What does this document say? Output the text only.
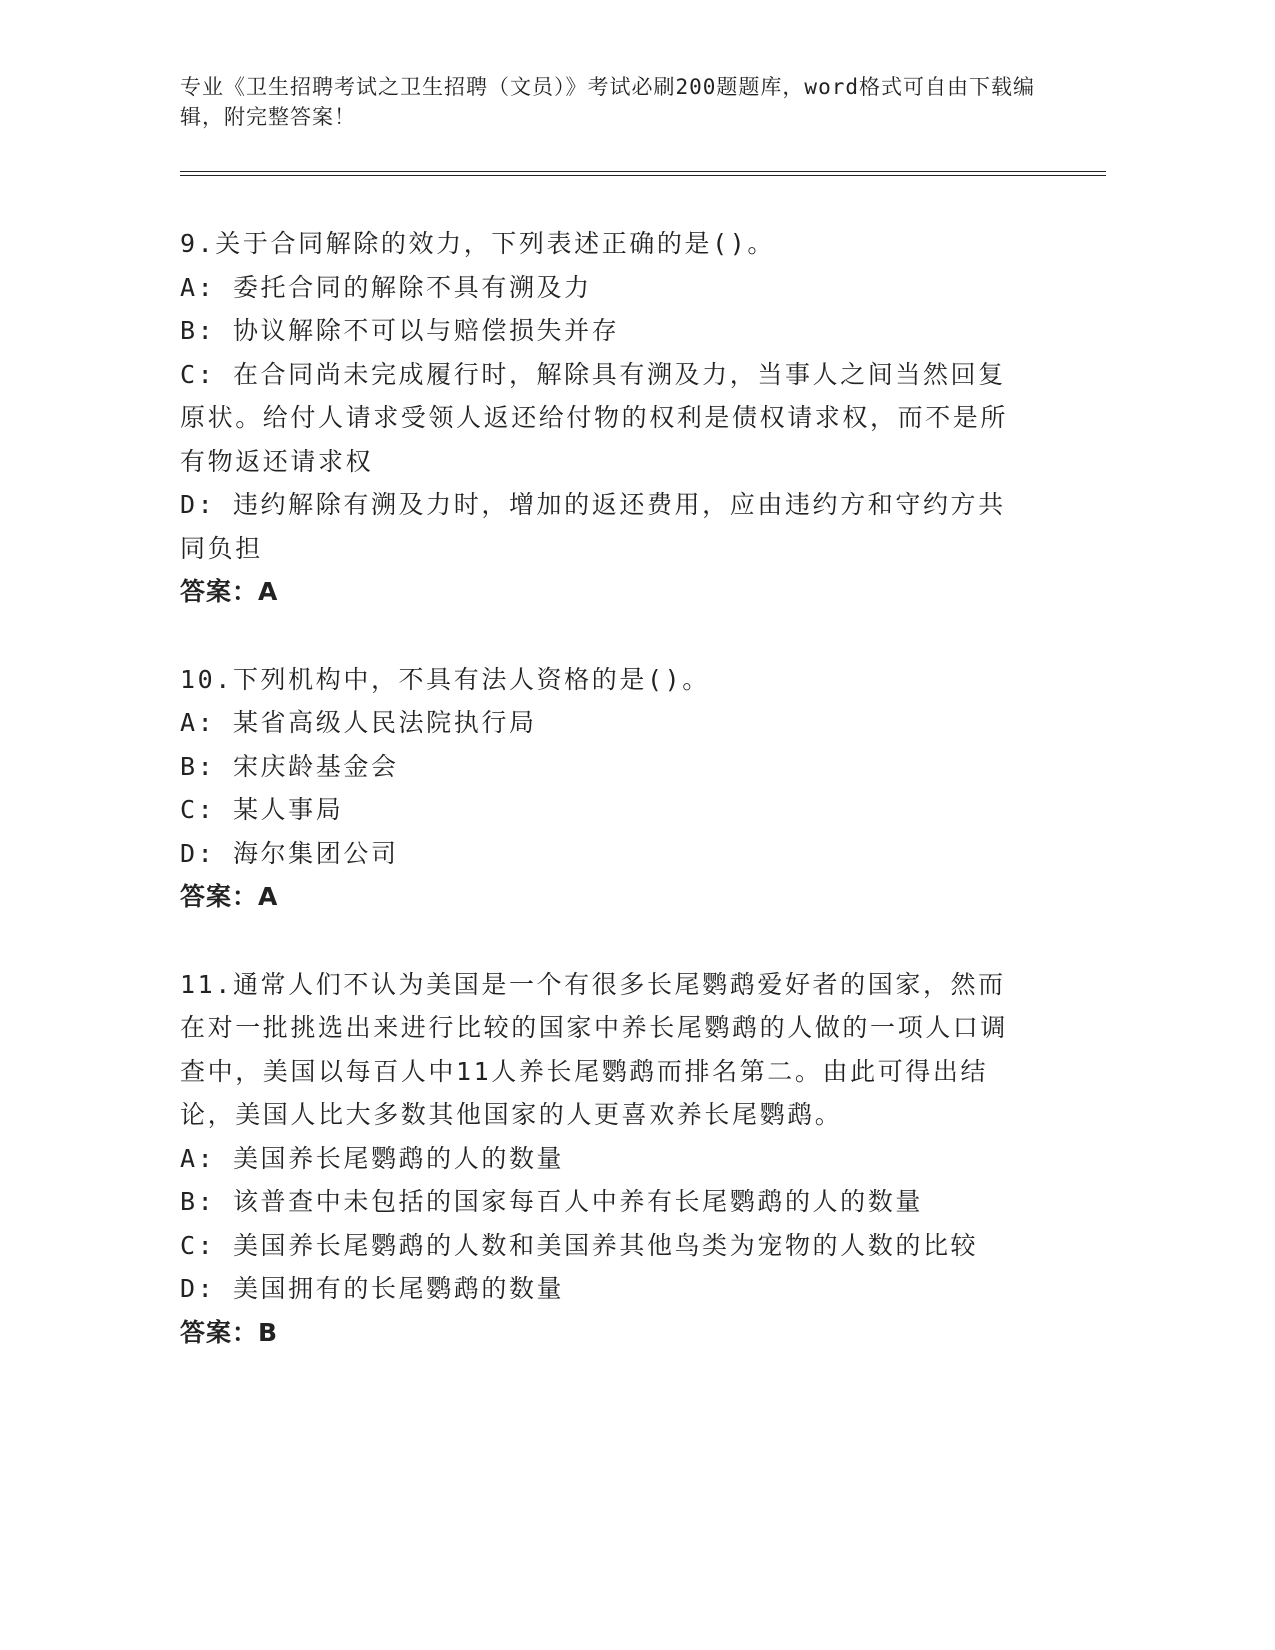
专业《卫生招聘考试之卫生招聘（文员）》考试必刷200题题库，word格式可自由下载编辑，附完整答案！

9.关于合同解除的效力，下列表述正确的是()。

A: 委托合同的解除不具有溯及力

B: 协议解除不可以与赔偿损失并存

C: 在合同尚未完成履行时，解除具有溯及力，当事人之间当然回复原状。给付人请求受领人返还给付物的权利是债权请求权，而不是所有物返还请求权

D: 违约解除有溯及力时，增加的返还费用，应由违约方和守约方共同负担

答案：A

10.下列机构中，不具有法人资格的是()。

A: 某省高级人民法院执行局

B: 宋庆龄基金会

C: 某人事局

D: 海尔集团公司

答案：A

11.通常人们不认为美国是一个有很多长尾鹦鹉爱好者的国家，然而在对一批挑选出来进行比较的国家中养长尾鹦鹉的人做的一项人口调查中，美国以每百人中11人养长尾鹦鹉而排名第二。由此可得出结论，美国人比大多数其他国家的人更喜欢养长尾鹦鹉。

A: 美国养长尾鹦鹉的人的数量

B: 该普查中未包括的国家每百人中养有长尾鹦鹉的人的数量

C: 美国养长尾鹦鹉的人数和美国养其他鸟类为宠物的人数的比较

D: 美国拥有的长尾鹦鹉的数量

答案：B
